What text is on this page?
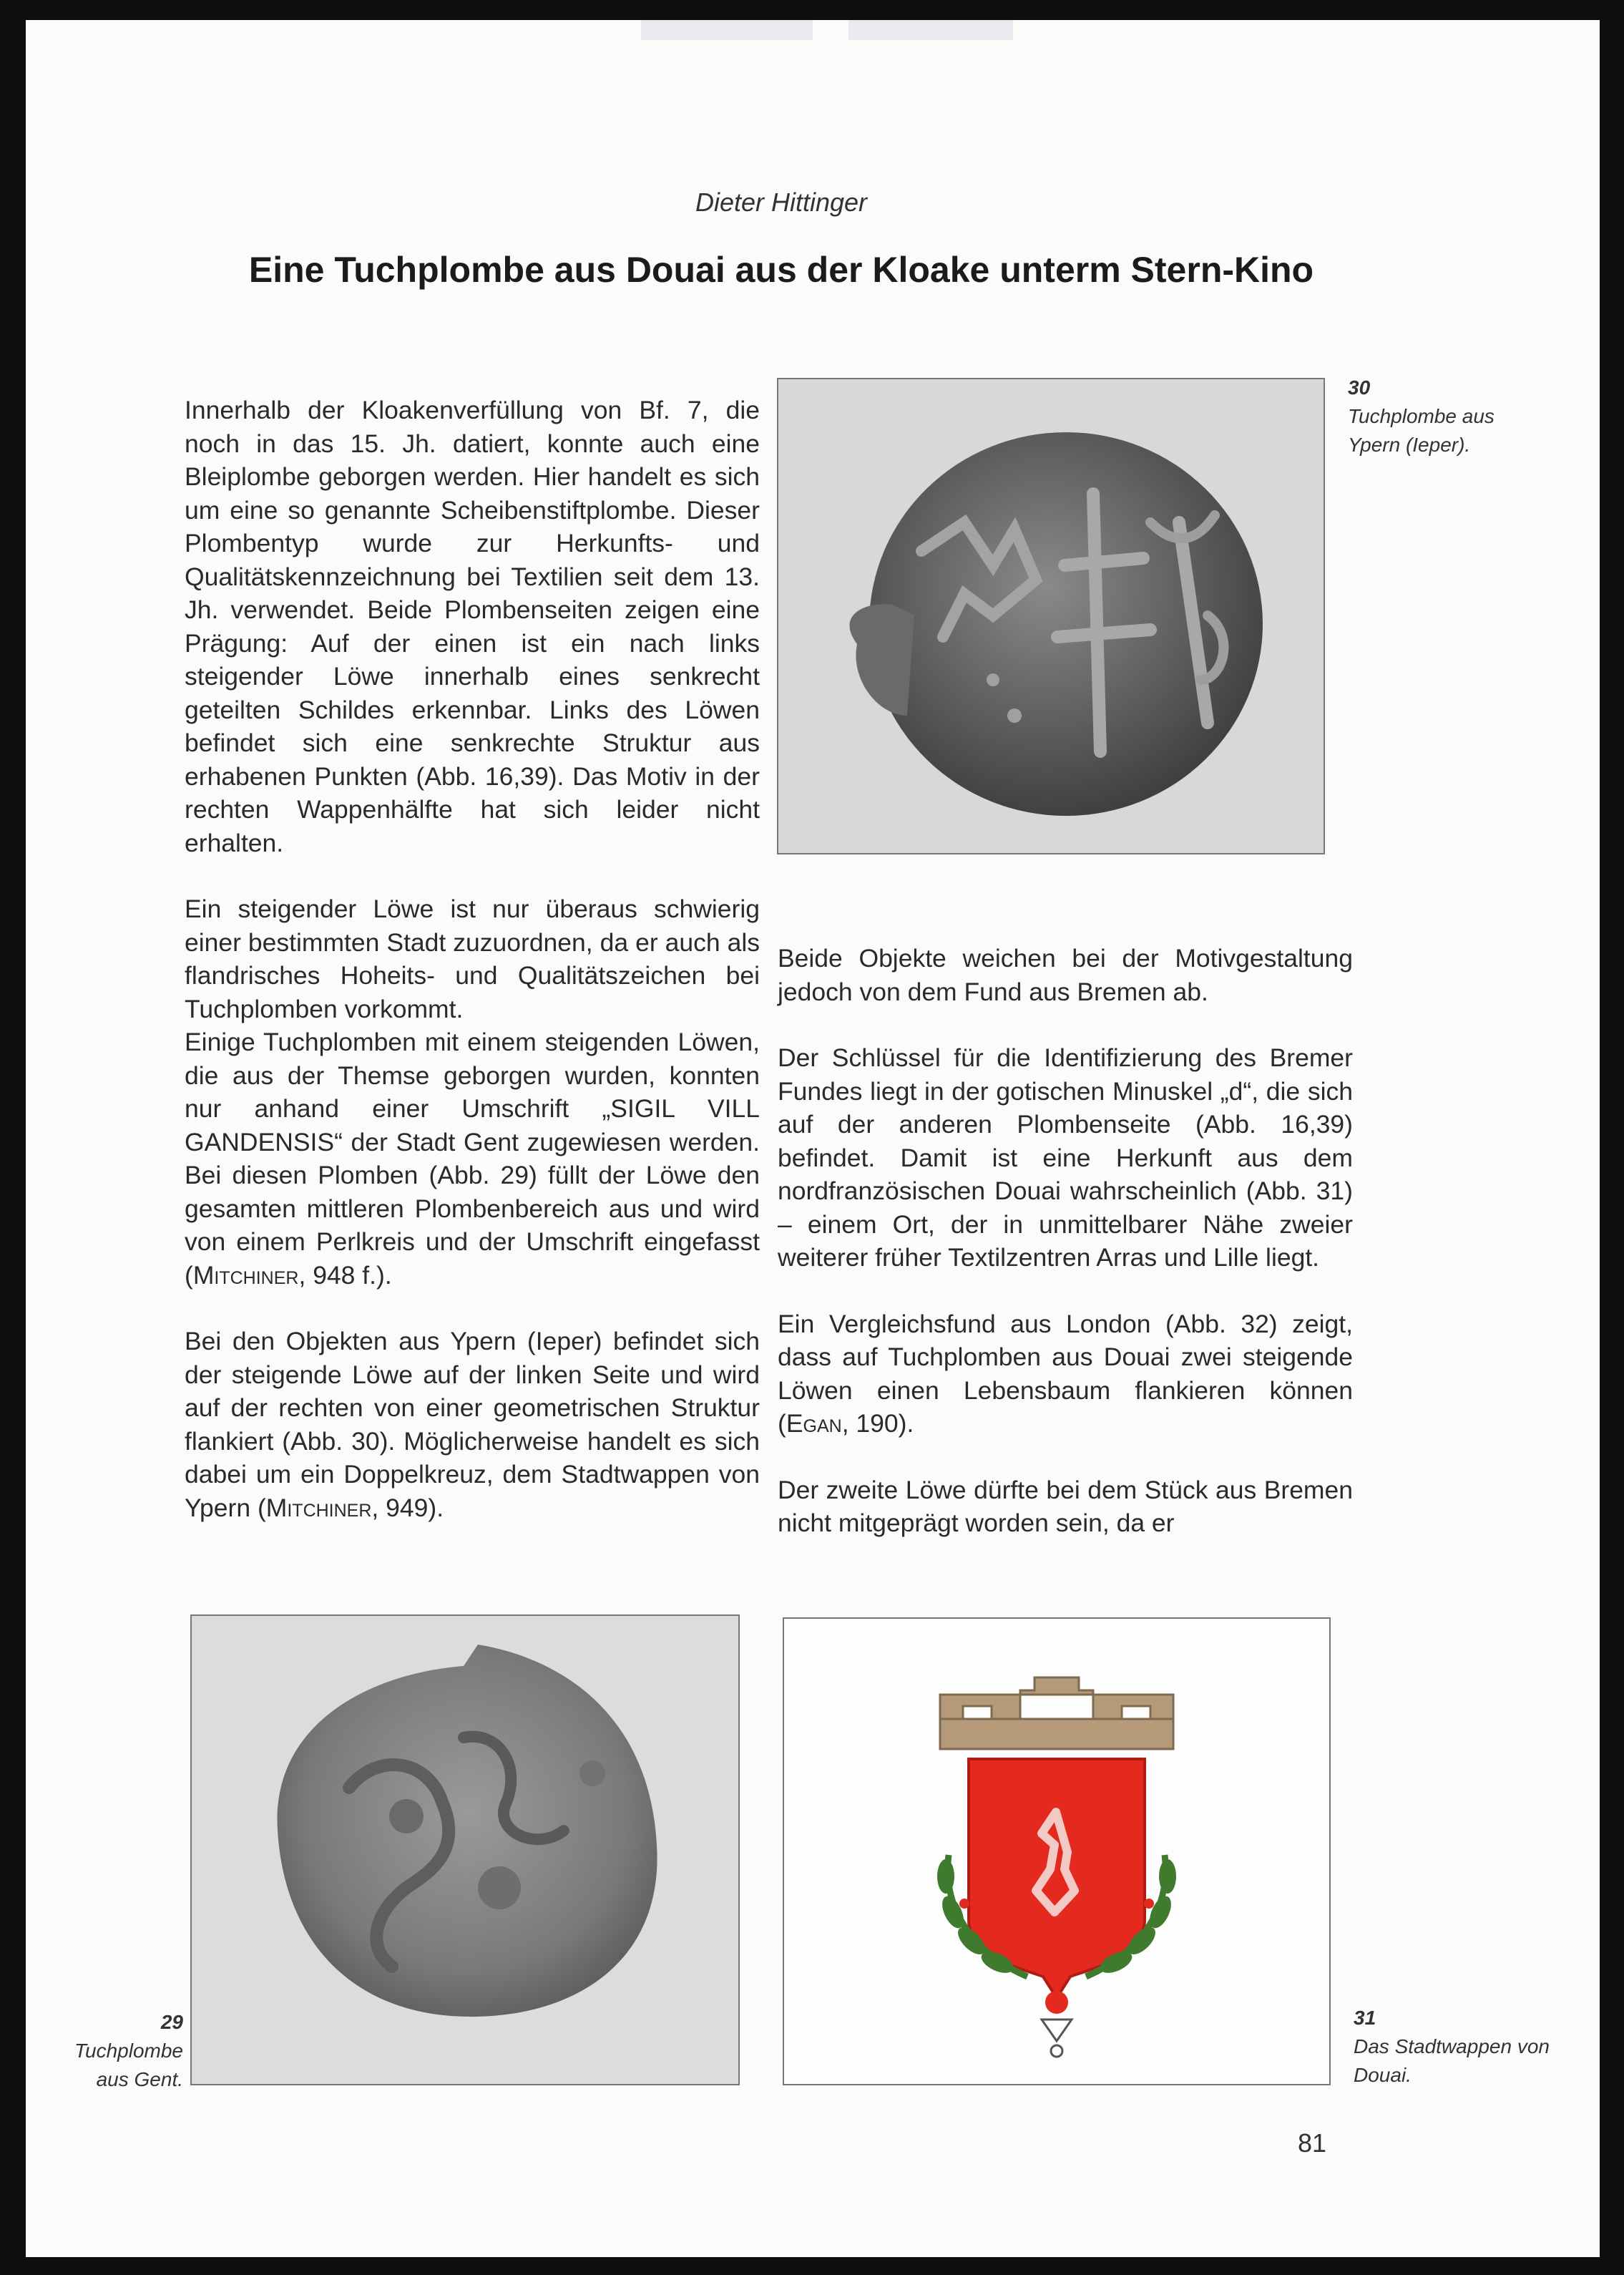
Dieter Hittinger
Eine Tuchplombe aus Douai aus der Kloake unterm Stern-Kino

Innerhalb der Kloakenverfüllung von Bf. 7, die noch in das 15. Jh. datiert, konnte auch eine Bleiplombe geborgen werden. Hier handelt es sich um eine so genannte Scheibenstiftplombe. Dieser Plombentyp wurde zur Herkunfts- und Qualitätskennzeichnung bei Textilien seit dem 13. Jh. verwendet. Beide Plombenseiten zeigen eine Prägung: Auf der einen ist ein nach links steigender Löwe innerhalb eines senkrecht geteilten Schildes erkennbar. Links des Löwen befindet sich eine senkrechte Struktur aus erhabenen Punkten (Abb. 16,39). Das Motiv in der rechten Wappenhälfte hat sich leider nicht erhalten.

Ein steigender Löwe ist nur überaus schwierig einer bestimmten Stadt zuzuordnen, da er auch als flandrisches Hoheits- und Qualitätszeichen bei Tuchplomben vorkommt.

Einige Tuchplomben mit einem steigenden Löwen, die aus der Themse geborgen wurden, konnten nur anhand einer Umschrift „SIGIL VILL GANDENSIS“ der Stadt Gent zugewiesen werden. Bei diesen Plomben (Abb. 29) füllt der Löwe den gesamten mittleren Plombenbereich aus und wird von einem Perlkreis und der Umschrift eingefasst (Mitchiner, 948 f.).

Bei den Objekten aus Ypern (Ieper) befindet sich der steigende Löwe auf der linken Seite und wird auf der rechten von einer geometrischen Struktur flankiert (Abb. 30). Möglicherweise handelt es sich dabei um ein Doppelkreuz, dem Stadtwappen von Ypern (Mitchiner, 949).

Beide Objekte weichen bei der Motivgestaltung jedoch von dem Fund aus Bremen ab.

Der Schlüssel für die Identifizierung des Bremer Fundes liegt in der gotischen Minuskel „d“, die sich auf der anderen Plombenseite (Abb. 16,39) befindet. Damit ist eine Herkunft aus dem nordfranzösischen Douai wahrscheinlich (Abb. 31) – einem Ort, der in unmittelbarer Nähe zweier weiterer früher Textilzentren Arras und Lille liegt.

Ein Vergleichsfund aus London (Abb. 32) zeigt, dass auf Tuchplomben aus Douai zwei steigende Löwen einen Lebensbaum flankieren können (Egan, 190).

Der zweite Löwe dürfte bei dem Stück aus Bremen nicht mitgeprägt worden sein, da er

30
Tuchplombe aus Ypern (Ieper).
29
Tuchplombe aus Gent.
31
Das Stadtwappen von Douai.
81
